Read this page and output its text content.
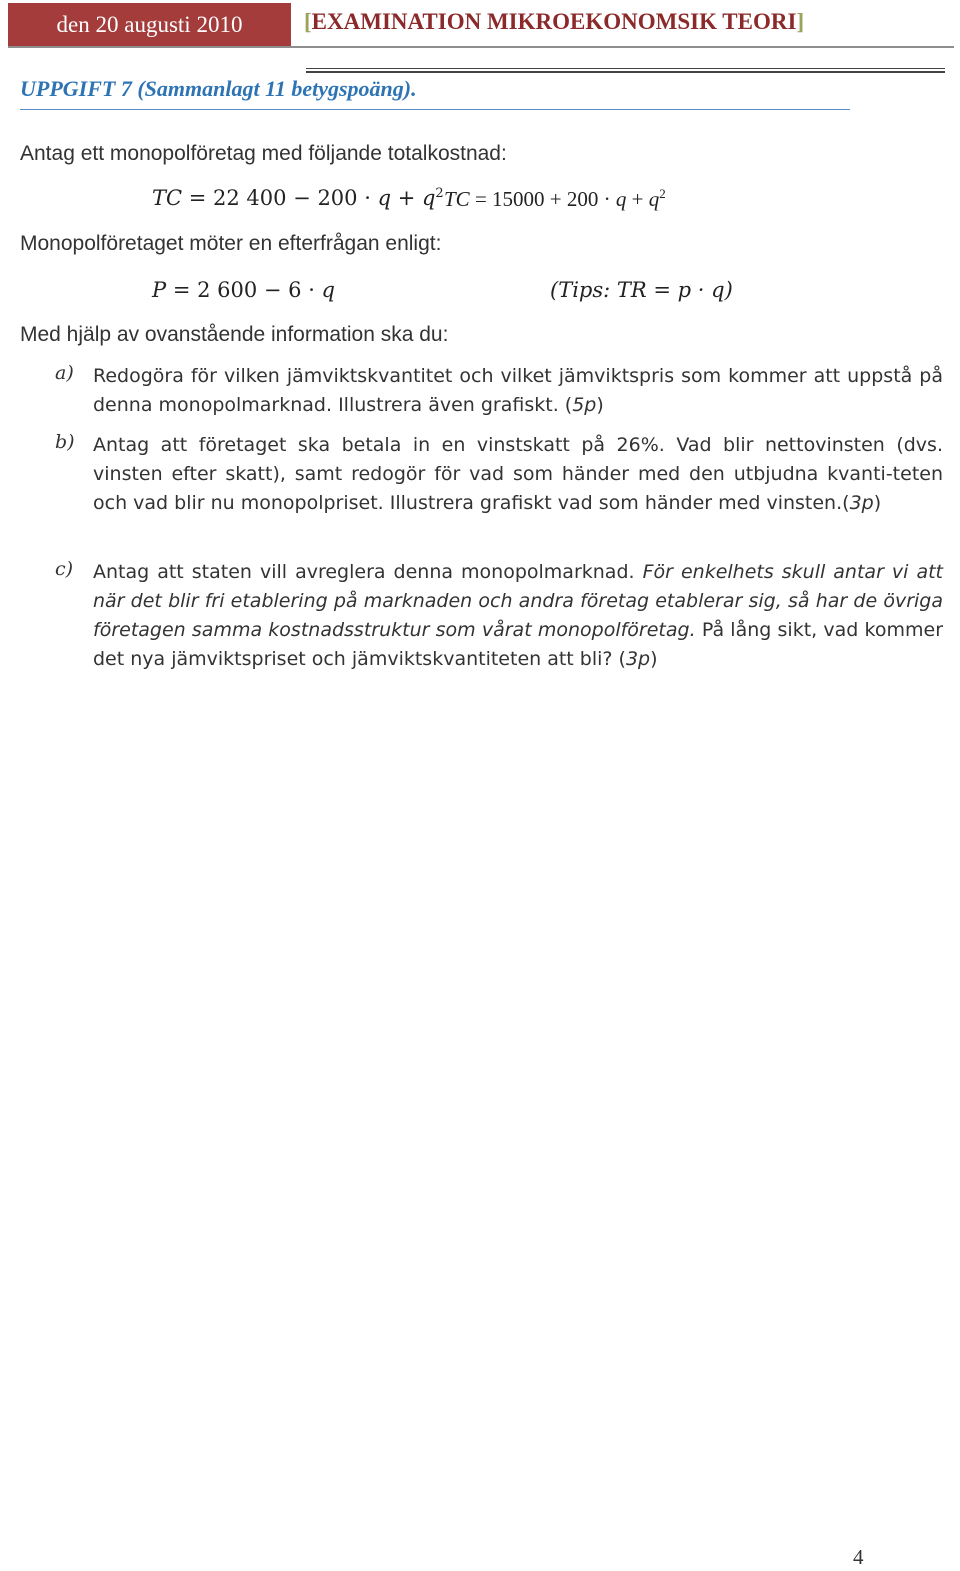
den 20 augusti 2010	[EXAMINATION MIKROEKONOMSIK TEORI]
UPPGIFT 7 (Sammanlagt 11 betygspoäng).
Antag ett monopolföretag med följande totalkostnad:
TC = 22 $400 - 200 \cdot q + q^2$ TC = $15000 + 200 \cdot q + q^2$
Monopolföretaget möter en efterfrågan enligt:
P = 2 600 − 6 · q	(Tips: TR = p · q)
Med hjälp av ovanstående information ska du:
a) Redogöra för vilken jämviktskvantitet och vilket jämviktspris som kommer att uppstå på denna monopolmarknad. Illustrera även grafiskt. (5p)
b) Antag att företaget ska betala in en vinstskatt på 26%. Vad blir nettovinsten (dvs. vinsten efter skatt), samt redogör för vad som händer med den utbjudna kvanti-teten och vad blir nu monopolpriset. Illustrera grafiskt vad som händer med vinsten.(3p)
c) Antag att staten vill avreglera denna monopolmarknad. För enkelhets skull antar vi att när det blir fri etablering på marknaden och andra företag etablerar sig, så har de övriga företagen samma kostnadsstruktur som vårat monopolföretag. På lång sikt, vad kommer det nya jämviktspriset och jämviktskvantiteten att bli? (3p)
4
